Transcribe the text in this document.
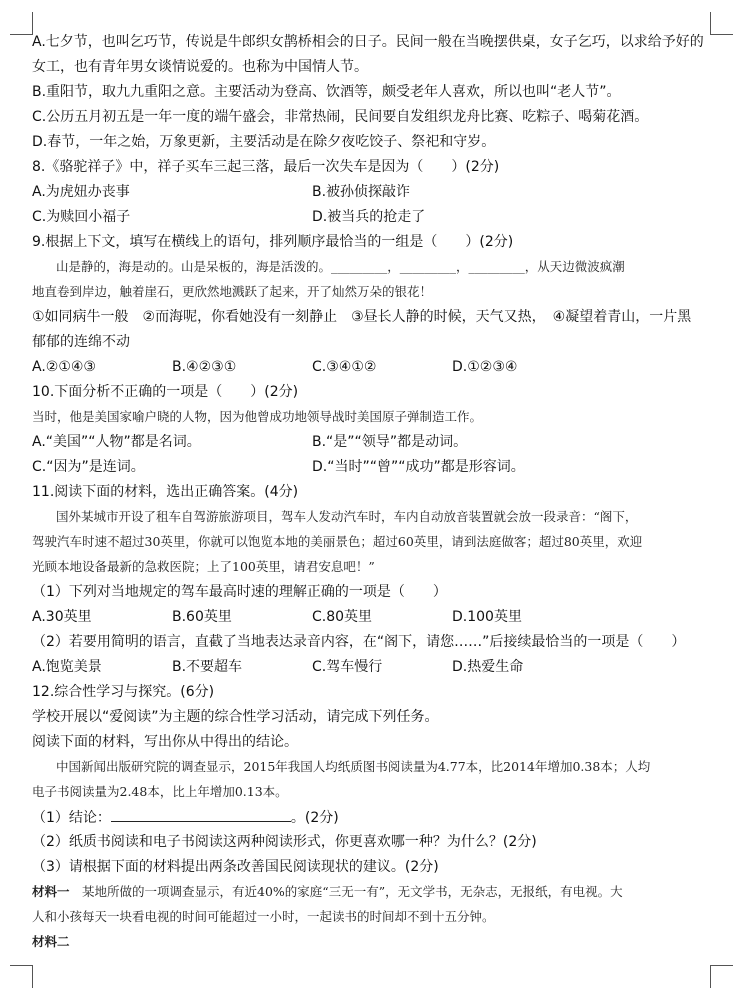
A.七夕节，也叫乞巧节，传说是牛郎织女鹊桥相会的日子。民间一般在当晚摆供桌，女子乞巧，以求给予好的
女工，也有青年男女谈情说爱的。也称为中国情人节。
B.重阳节，取九九重阳之意。主要活动为登高、饮酒等，颇受老年人喜欢，所以也叫“老人节”。
C.公历五月初五是一年一度的端午盛会，非常热闹，民间要自发组织龙舟比赛、吃粽子、喝菊花酒。
D.春节，一年之始，万象更新，主要活动是在除夕夜吃饺子、祭祀和守岁。
8.《骆驼祥子》中，祥子买车三起三落，最后一次失车是因为（　　）(2分)
A.为虎妞办丧事	B.被孙侦探敲诈
C.为赎回小福子	D.被当兵的抢走了
9.根据上下文，填写在横线上的语句，排列顺序最恰当的一组是（　　）(2分)
山是静的，海是动的。山是呆板的，海是活泼的。_________，_________，_________，从天边微波疯潮
地直卷到岸边，触着崖石，更欣然地溅跃了起来，开了灿然万朵的银花！
①如同病牛一般　②而海呢，你看她没有一刻静止　③昼长人静的时候，天气又热，　④凝望着青山，一片黑
郁郁的连绵不动
A.②①④③	B.④②③①	C.③④①②	D.①②③④
10.下面分析不正确的一项是（　　）(2分)
当时，他是美国家喻户晓的人物，因为他曾成功地领导战时美国原子弹制造工作。
A.“美国”“人物”都是名词。	B.“是”“领导”都是动词。
C.“因为”是连词。	D.“当时”“曾”“成功”都是形容词。
11.阅读下面的材料，选出正确答案。(4分)
国外某城市开设了租车自驾游旅游项目，驾车人发动汽车时，车内自动放音装置就会放一段录音：“阁下，
驾驶汽车时速不超过30英里，你就可以饱览本地的美丽景色；超过60英里，请到法庭做客；超过80英里，欢迎
光顾本地设备最新的急救医院；上了100英里，请君安息吧！”
（1）下列对当地规定的驾车最高时速的理解正确的一项是（　　）
A.30英里	B.60英里	C.80英里	D.100英里
（2）若要用简明的语言，直截了当地表达录音内容，在“阁下，请您……”后接续最恰当的一项是（　　）
A.饱览美景	B.不要超车	C.驾车慢行	D.热爱生命
12.综合性学习与探究。(6分)
学校开展以“爱阅读”为主题的综合性学习活动，请完成下列任务。
阅读下面的材料，写出你从中得出的结论。
中国新闻出版研究院的调查显示，2015年我国人均纸质图书阅读量为4.77本，比2014年增加0.38本；人均
电子书阅读量为2.48本，比上年增加0.13本。
（1）结论：	。(2分)
（2）纸质书阅读和电子书阅读这两种阅读形式，你更喜欢哪一种？为什么？(2分)
（3）请根据下面的材料提出两条改善国民阅读现状的建议。(2分)
材料一　某地所做的一项调查显示，有近40%的家庭“三无一有”，无文学书，无杂志，无报纸，有电视。大
人和小孩每天一块看电视的时间可能超过一小时，一起读书的时间却不到十五分钟。
材料二
